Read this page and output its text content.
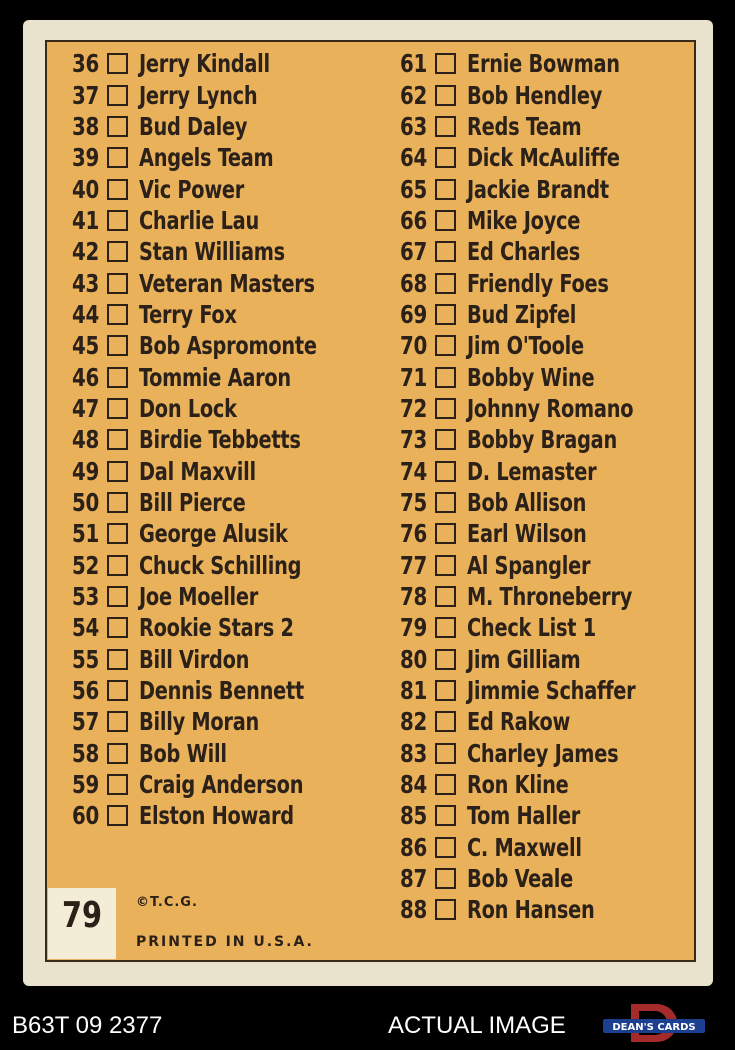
36 Jerry Kindall
37 Jerry Lynch
38 Bud Daley
39 Angels Team
40 Vic Power
41 Charlie Lau
42 Stan Williams
43 Veteran Masters
44 Terry Fox
45 Bob Aspromonte
46 Tommie Aaron
47 Don Lock
48 Birdie Tebbetts
49 Dal Maxvill
50 Bill Pierce
51 George Alusik
52 Chuck Schilling
53 Joe Moeller
54 Rookie Stars 2
55 Bill Virdon
56 Dennis Bennett
57 Billy Moran
58 Bob Will
59 Craig Anderson
60 Elston Howard
61 Ernie Bowman
62 Bob Hendley
63 Reds Team
64 Dick McAuliffe
65 Jackie Brandt
66 Mike Joyce
67 Ed Charles
68 Friendly Foes
69 Bud Zipfel
70 Jim O'Toole
71 Bobby Wine
72 Johnny Romano
73 Bobby Bragan
74 D. Lemaster
75 Bob Allison
76 Earl Wilson
77 Al Spangler
78 M. Throneberry
79 Check List 1
80 Jim Gilliam
81 Jimmie Schaffer
82 Ed Rakow
83 Charley James
84 Ron Kline
85 Tom Haller
86 C. Maxwell
87 Bob Veale
88 Ron Hansen
79	©T.C.G.
PRINTED IN U.S.A.
B63T 09 2377	ACTUAL IMAGE	DEAN'S CARDS
